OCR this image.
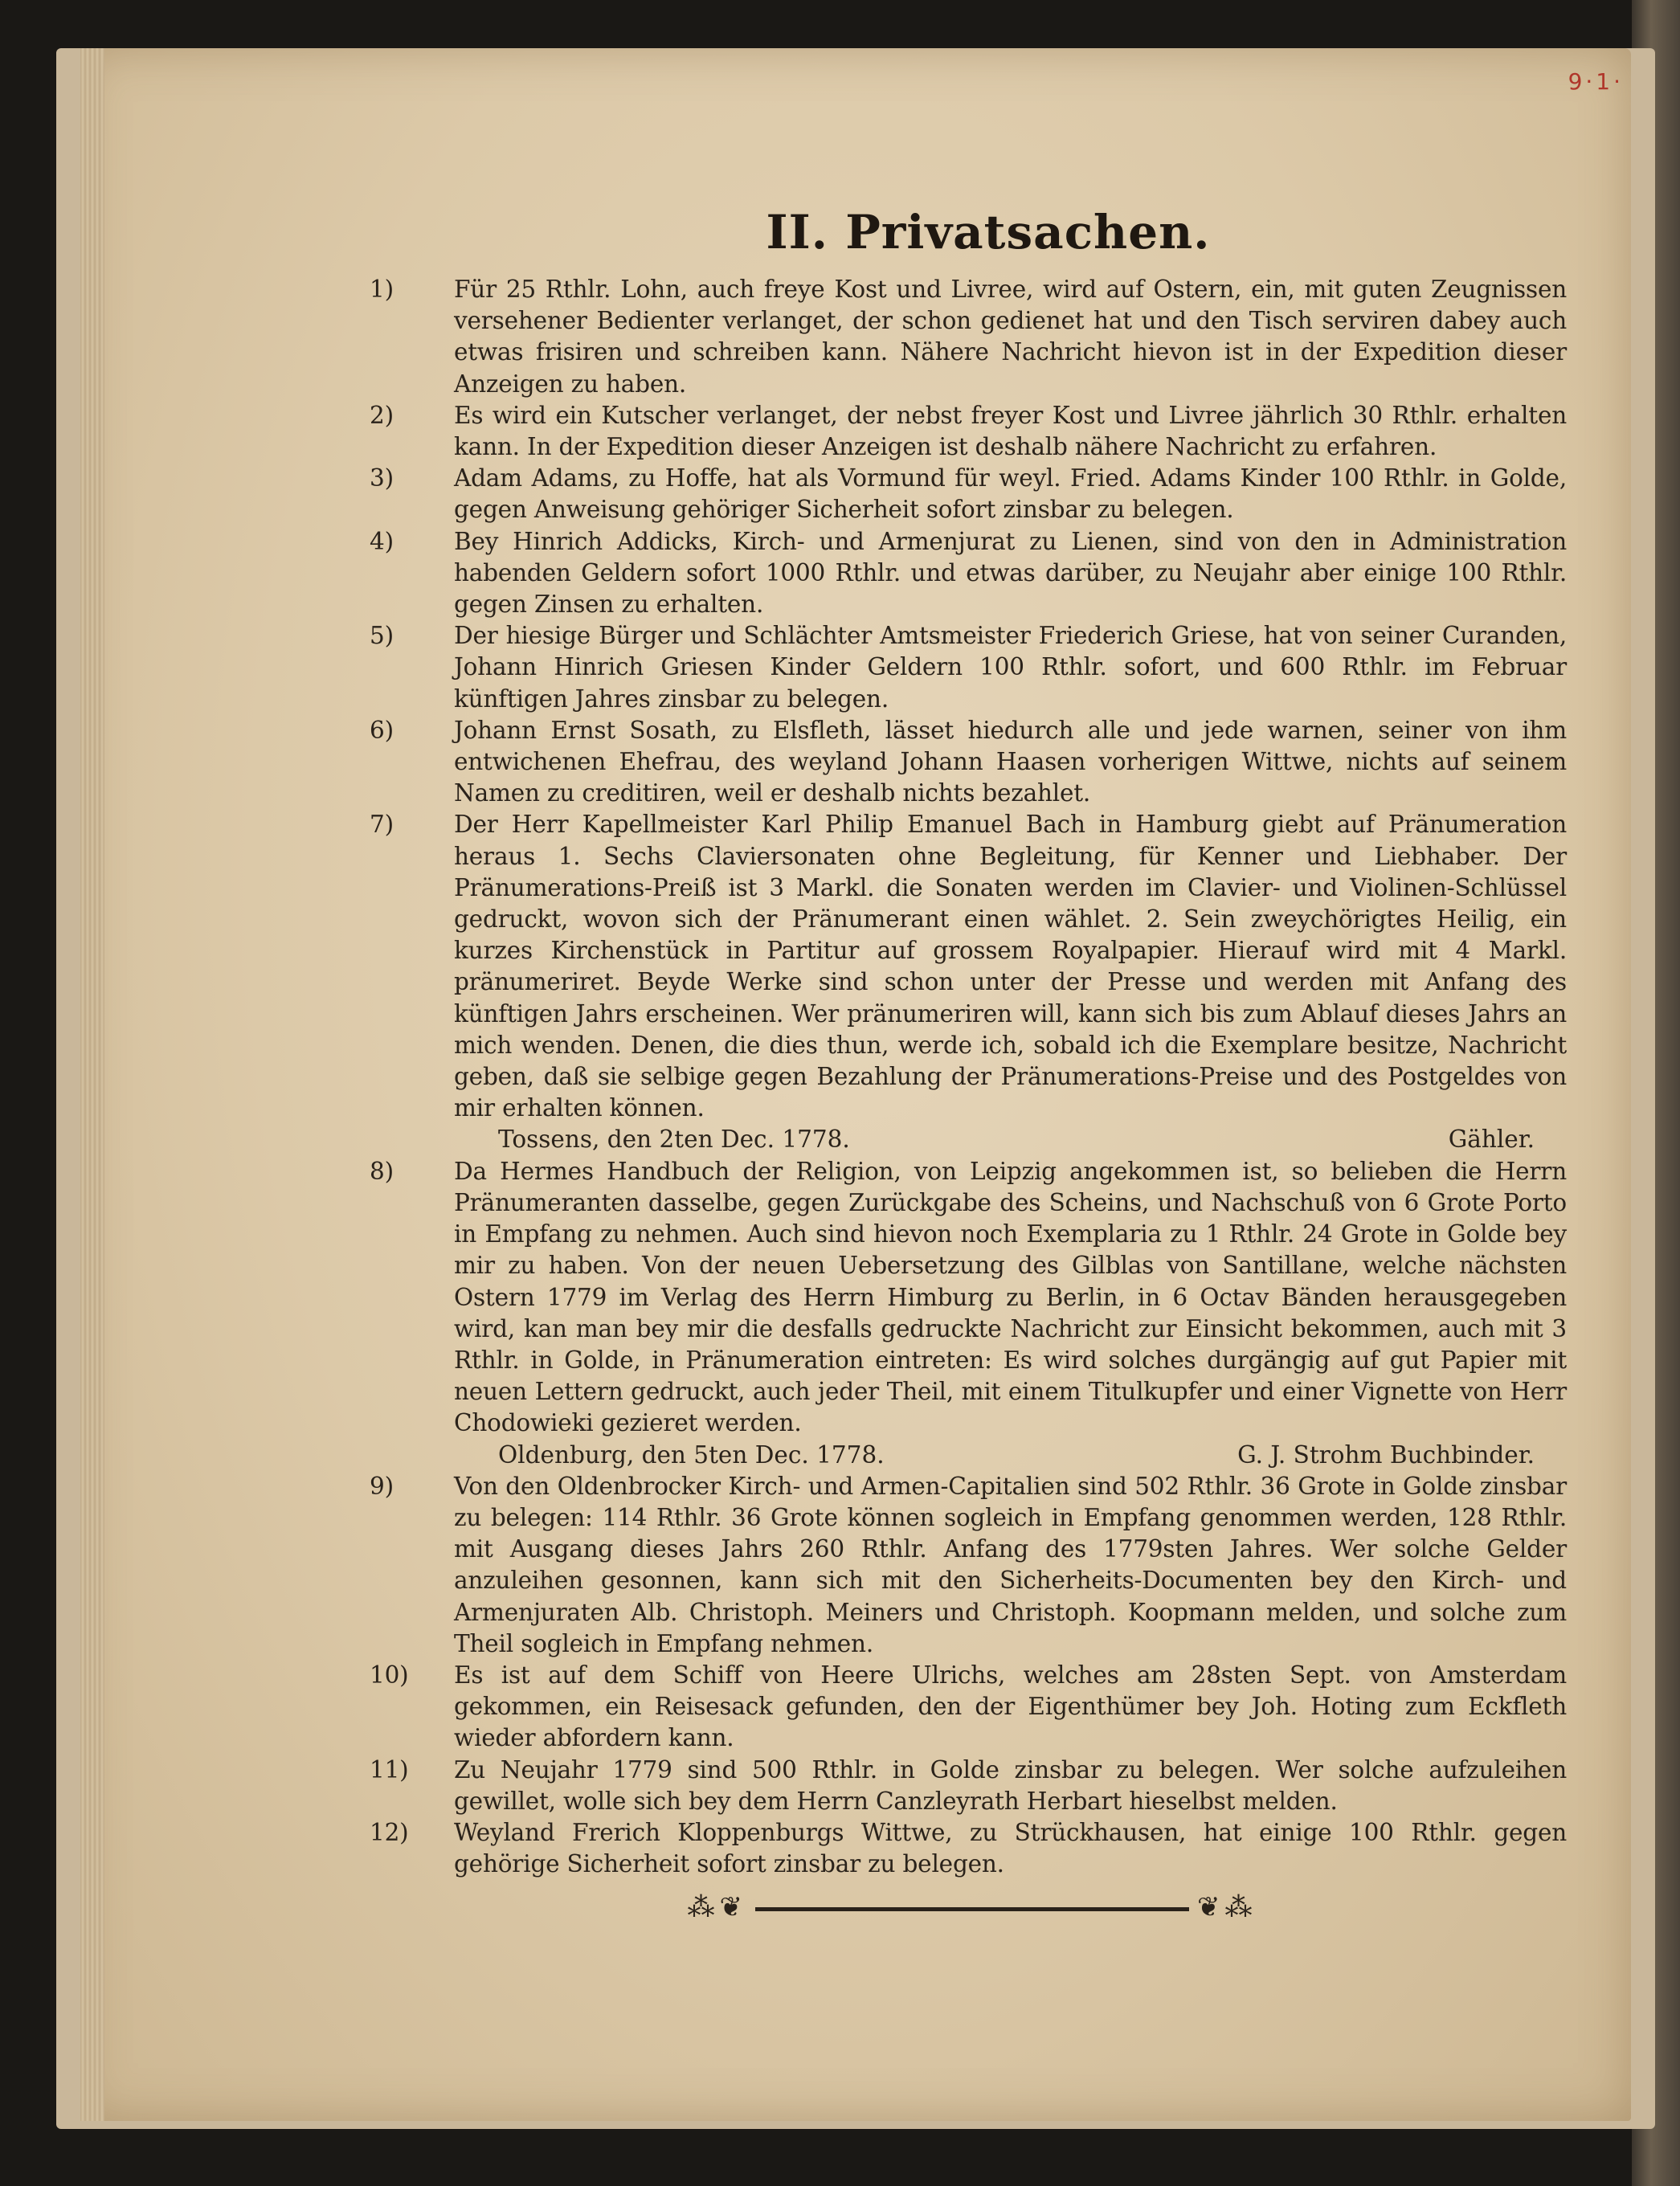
9·1·
II. Privatsachen.

1)	Für 25 Rthlr. Lohn, auch freye Kost und Livree, wird auf Ostern, ein, mit guten Zeugnissen versehener Bedienter verlanget, der schon gedienet hat und den Tisch serviren dabey auch etwas frisiren und schreiben kann. Nähere Nachricht hievon ist in der Expedition dieser Anzeigen zu haben.

2)	Es wird ein Kutscher verlanget, der nebst freyer Kost und Livree jährlich 30 Rthlr. erhalten kann. In der Expedition dieser Anzeigen ist deshalb nähere Nachricht zu erfahren.

3)	Adam Adams, zu Hoffe, hat als Vormund für weyl. Fried. Adams Kinder 100 Rthlr. in Golde, gegen Anweisung gehöriger Sicherheit sofort zinsbar zu belegen.

4)	Bey Hinrich Addicks, Kirch- und Armenjurat zu Lienen, sind von den in Administration habenden Geldern sofort 1000 Rthlr. und etwas darüber, zu Neujahr aber einige 100 Rthlr. gegen Zinsen zu erhalten.

5)	Der hiesige Bürger und Schlächter Amtsmeister Friederich Griese, hat von seiner Curanden, Johann Hinrich Griesen Kinder Geldern 100 Rthlr. sofort, und 600 Rthlr. im Februar künftigen Jahres zinsbar zu belegen.

6)	Johann Ernst Sosath, zu Elsfleth, lässet hiedurch alle und jede warnen, seiner von ihm entwichenen Ehefrau, des weyland Johann Haasen vorherigen Wittwe, nichts auf seinem Namen zu creditiren, weil er deshalb nichts bezahlet.

7)	Der Herr Kapellmeister Karl Philip Emanuel Bach in Hamburg giebt auf Pränumeration heraus 1. Sechs Claviersonaten ohne Begleitung, für Kenner und Liebhaber. Der Pränumerations-Preiß ist 3 Markl. die Sonaten werden im Clavier- und Violinen-Schlüssel gedruckt, wovon sich der Pränumerant einen wählet. 2. Sein zweychörigtes Heilig, ein kurzes Kirchenstück in Partitur auf grossem Royalpapier. Hierauf wird mit 4 Markl. pränumeriret. Beyde Werke sind schon unter der Presse und werden mit Anfang des künftigen Jahrs erscheinen. Wer pränumeriren will, kann sich bis zum Ablauf dieses Jahrs an mich wenden. Denen, die dies thun, werde ich, sobald ich die Exemplare besitze, Nachricht geben, daß sie selbige gegen Bezahlung der Pränumerations-Preise und des Postgeldes von mir erhalten können.

Tossens, den 2ten Dec. 1778.	Gähler.

8)	Da Hermes Handbuch der Religion, von Leipzig angekommen ist, so belieben die Herrn Pränumeranten dasselbe, gegen Zurückgabe des Scheins, und Nachschuß von 6 Grote Porto in Empfang zu nehmen. Auch sind hievon noch Exemplaria zu 1 Rthlr. 24 Grote in Golde bey mir zu haben. Von der neuen Uebersetzung des Gilblas von Santillane, welche nächsten Ostern 1779 im Verlag des Herrn Himburg zu Berlin, in 6 Octav Bänden herausgegeben wird, kan man bey mir die desfalls gedruckte Nachricht zur Einsicht bekommen, auch mit 3 Rthlr. in Golde, in Pränumeration eintreten: Es wird solches durgängig auf gut Papier mit neuen Lettern gedruckt, auch jeder Theil, mit einem Titulkupfer und einer Vignette von Herr Chodowieki gezieret werden.

Oldenburg, den 5ten Dec. 1778.	G. J. Strohm Buchbinder.

9)	Von den Oldenbrocker Kirch- und Armen-Capitalien sind 502 Rthlr. 36 Grote in Golde zinsbar zu belegen: 114 Rthlr. 36 Grote können sogleich in Empfang genommen werden, 128 Rthlr. mit Ausgang dieses Jahrs 260 Rthlr. Anfang des 1779sten Jahres. Wer solche Gelder anzuleihen gesonnen, kann sich mit den Sicherheits-Documenten bey den Kirch- und Armenjuraten Alb. Christoph. Meiners und Christoph. Koopmann melden, und solche zum Theil sogleich in Empfang nehmen.

10)	Es ist auf dem Schiff von Heere Ulrichs, welches am 28sten Sept. von Amsterdam gekommen, ein Reisesack gefunden, den der Eigenthümer bey Joh. Hoting zum Eckfleth wieder abfordern kann.

11)	Zu Neujahr 1779 sind 500 Rthlr. in Golde zinsbar zu belegen. Wer solche aufzuleihen gewillet, wolle sich bey dem Herrn Canzleyrath Herbart hieselbst melden.

12)	Weyland Frerich Kloppenburgs Wittwe, zu Strückhausen, hat einige 100 Rthlr. gegen gehörige Sicherheit sofort zinsbar zu belegen.

⁂❦	❦⁂
